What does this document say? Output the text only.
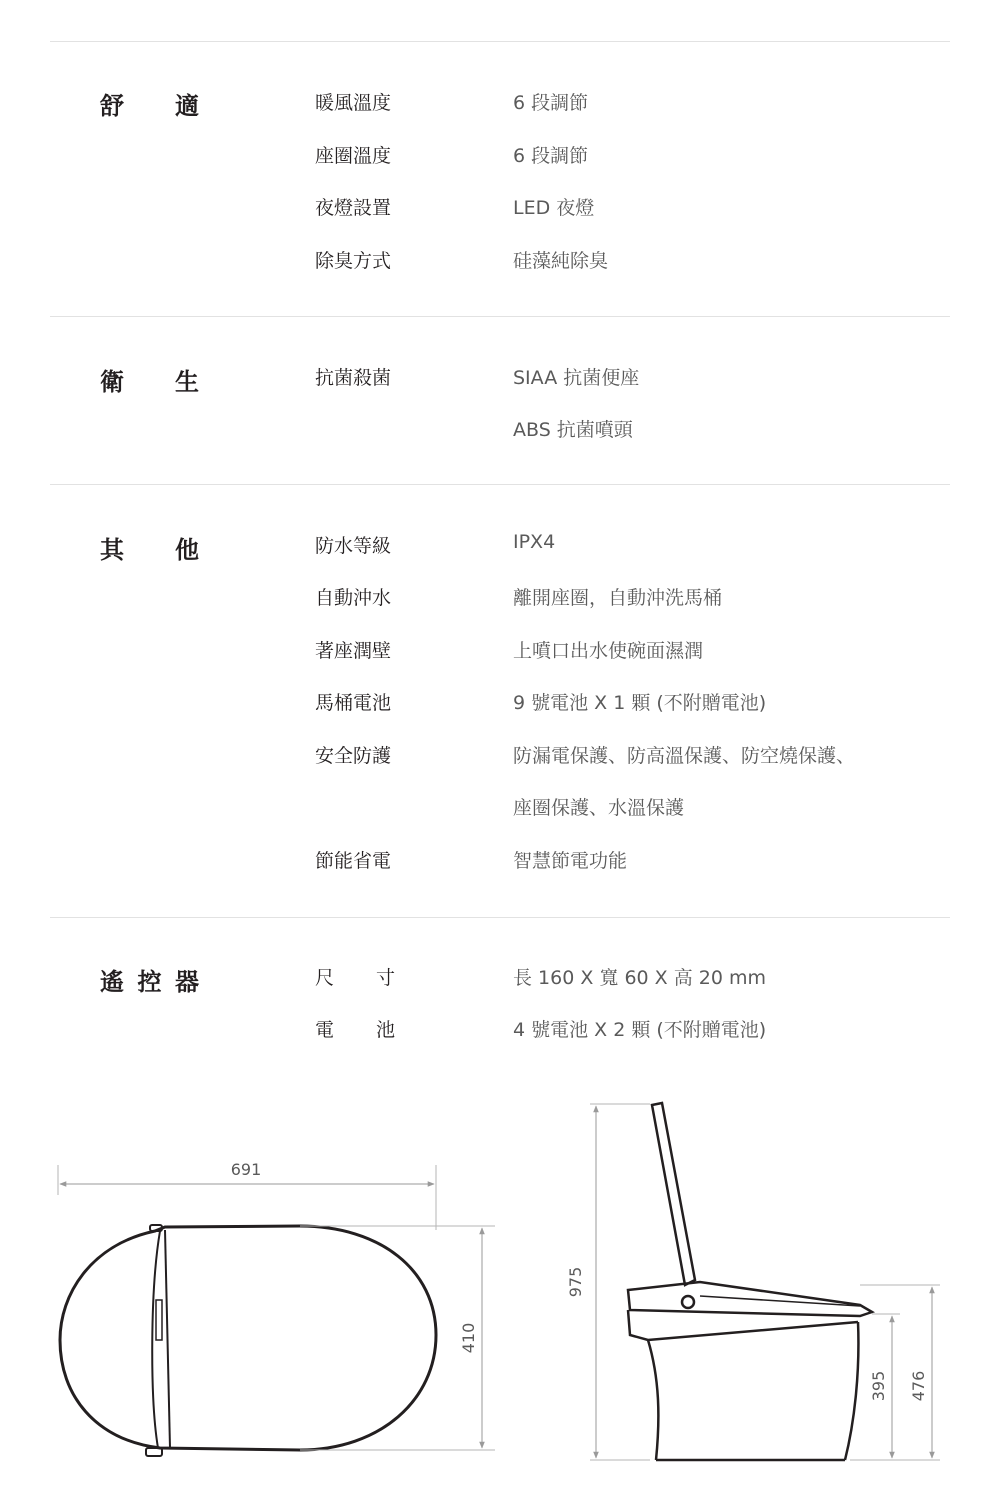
舒 適	暖風溫度	6 段調節
座圈溫度	6 段調節
夜燈設置	LED 夜燈
除臭方式	硅藻純除臭
衛 生	抗菌殺菌	SIAA 抗菌便座
ABS 抗菌噴頭
其 他	防水等級	IPX4
自動沖水	離開座圈，自動沖洗馬桶
著座潤壁	上噴口出水使碗面濕潤
馬桶電池	9 號電池 X 1 顆 (不附贈電池)
安全防護	防漏電保護、防高溫保護、防空燒保護、
座圈保護、水溫保護
節能省電	智慧節電功能
遙 控 器	尺 寸	長 160 X 寬 60 X 高 20 mm
電 池	4 號電池 X 2 顆 (不附贈電池)
691
410
975
395 476
